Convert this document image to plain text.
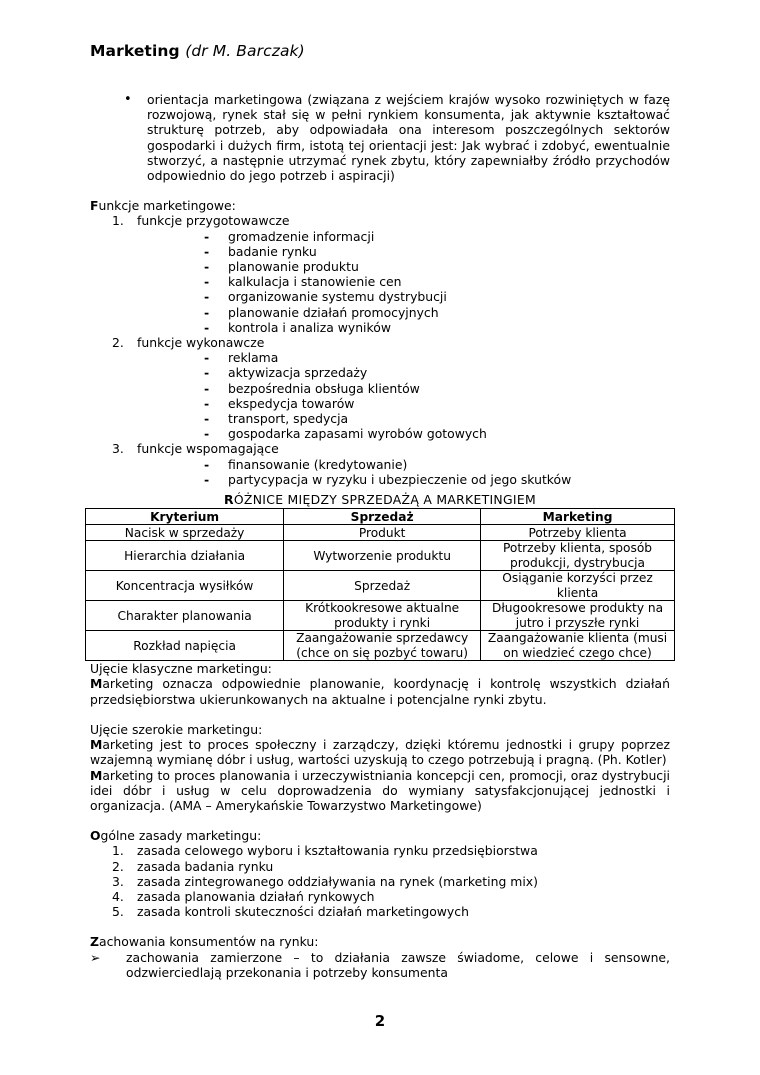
Marketing (dr M. Barczak)
• orientacja marketingowa (związana z wejściem krajów wysoko rozwiniętych w fazę rozwojową, rynek stał się w pełni rynkiem konsumenta, jak aktywnie kształtować strukturę potrzeb, aby odpowiadała ona interesom poszczególnych sektorów gospodarki i dużych firm, istotą tej orientacji jest: Jak wybrać i zdobyć, ewentualnie stworzyć, a następnie utrzymać rynek zbytu, który zapewniałby źródło przychodów odpowiednio do jego potrzeb i aspiracji)
Funkcje marketingowe:
1.	funkcje przygotowawcze
- gromadzenie informacji
- badanie rynku
- planowanie produktu
- kalkulacja i stanowienie cen
- organizowanie systemu dystrybucji
- planowanie działań promocyjnych
- kontrola i analiza wyników
2.	funkcje wykonawcze
- reklama
- aktywizacja sprzedaży
- bezpośrednia obsługa klientów
- ekspedycja towarów
- transport, spedycja
- gospodarka zapasami wyrobów gotowych
3.	funkcje wspomagające
- finansowanie (kredytowanie)
- partycypacja w ryzyku i ubezpieczenie od jego skutków
RÓŻNICE MIĘDZY SPRZEDAŻĄ A MARKETINGIEM
Kryterium	Sprzedaż	Marketing
Nacisk w sprzedaży	Produkt	Potrzeby klienta
Hierarchia działania	Wytworzenie produktu	Potrzeby klienta, sposób produkcji, dystrybucja
Koncentracja wysiłków	Sprzedaż	Osiąganie korzyści przez klienta
Charakter planowania	Krótkookresowe aktualne produkty i rynki	Długookresowe produkty na jutro i przyszłe rynki
Rozkład napięcia	Zaangażowanie sprzedawcy (chce on się pozbyć towaru)	Zaangażowanie klienta (musi on wiedzieć czego chce)
Ujęcie klasyczne marketingu:
Marketing oznacza odpowiednie planowanie, koordynację i kontrolę wszystkich działań przedsiębiorstwa ukierunkowanych na aktualne i potencjalne rynki zbytu.
Ujęcie szerokie marketingu:
Marketing jest to proces społeczny i zarządczy, dzięki któremu jednostki i grupy poprzez wzajemną wymianę dóbr i usług, wartości uzyskują to czego potrzebują i pragną. (Ph. Kotler)
Marketing to proces planowania i urzeczywistniania koncepcji cen, promocji, oraz dystrybucji idei dóbr i usług w celu doprowadzenia do wymiany satysfakcjonującej jednostki i organizacja. (AMA – Amerykańskie Towarzystwo Marketingowe)
Ogólne zasady marketingu:
1.	zasada celowego wyboru i kształtowania rynku przedsiębiorstwa
2.	zasada badania rynku
3.	zasada zintegrowanego oddziaływania na rynek (marketing mix)
4.	zasada planowania działań rynkowych
5.	zasada kontroli skuteczności działań marketingowych
Zachowania konsumentów na rynku:
➢ zachowania zamierzone – to działania zawsze świadome, celowe i sensowne, odzwierciedlają przekonania i potrzeby konsumenta
2
